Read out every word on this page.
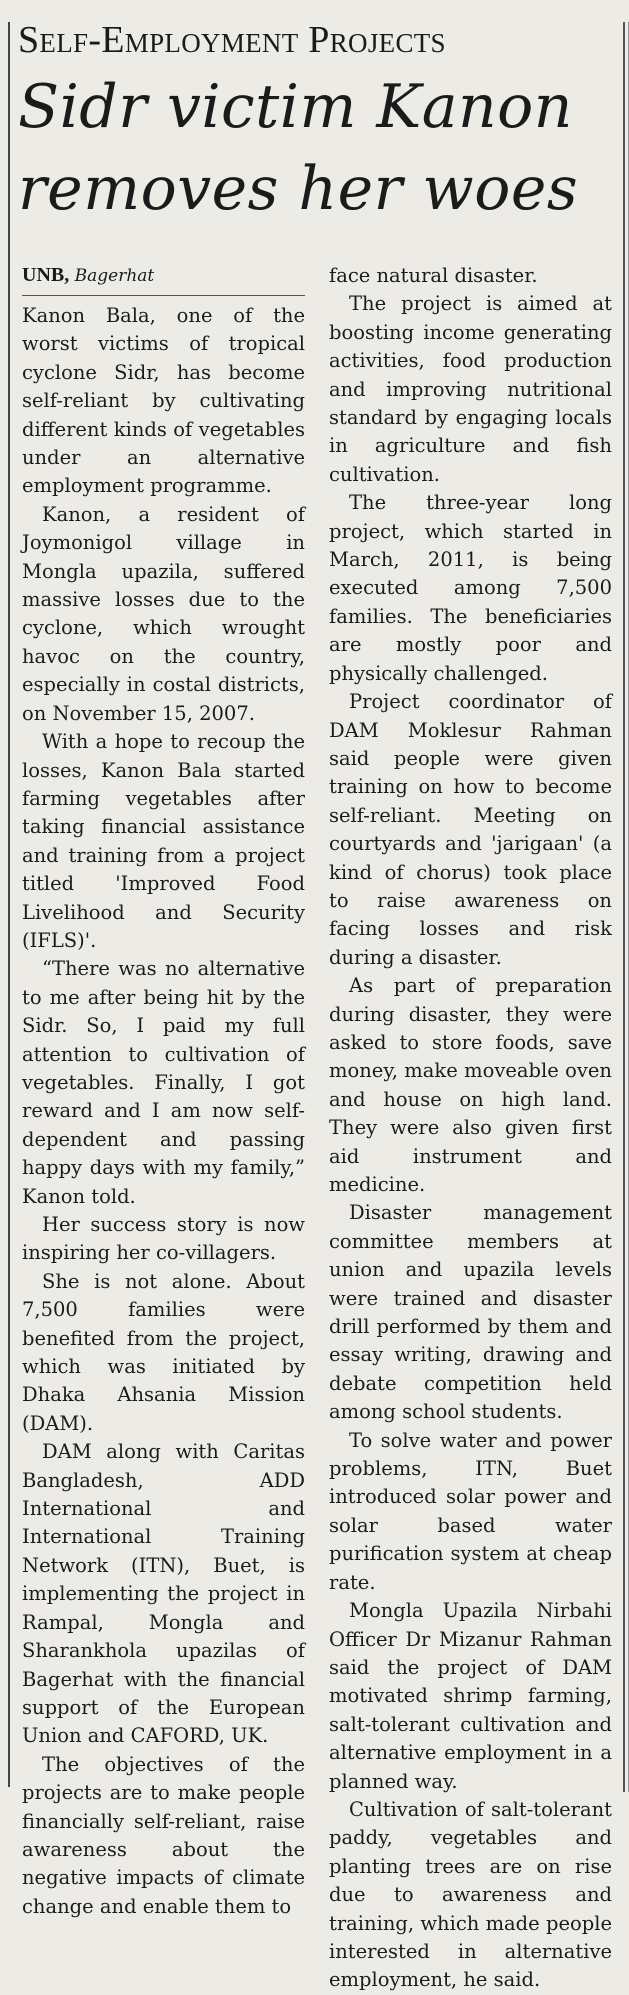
Self-Employment Projects
Sidr victim Kanon
removes her woes
UNB, Bagerhat

Kanon Bala, one of the worst victims of tropical cyclone Sidr, has become self-reliant by cultivating different kinds of vegetables under an alternative employment programme.

Kanon, a resident of Joymonigol village in Mongla upazila, suffered massive losses due to the cyclone, which wrought havoc on the country, especially in costal districts, on November 15, 2007.

With a hope to recoup the losses, Kanon Bala started farming vegetables after taking financial assistance and training from a project titled 'Improved Food Livelihood and Security (IFLS)'.

“There was no alternative to me after being hit by the Sidr. So, I paid my full attention to cultivation of vegetables. Finally, I got reward and I am now self-dependent and passing happy days with my family,” Kanon told.

Her success story is now inspiring her co-villagers.

She is not alone. About 7,500 families were benefited from the project, which was initiated by Dhaka Ahsania Mission (DAM).

DAM along with Caritas Bangladesh, ADD International and International Training Network (ITN), Buet, is implementing the project in Rampal, Mongla and Sharankhola upazilas of Bagerhat with the financial support of the European Union and CAFORD, UK.

The objectives of the projects are to make people financially self-reliant, raise awareness about the negative impacts of climate change and enable them to

face natural disaster.

The project is aimed at boosting income generating activities, food production and improving nutritional standard by engaging locals in agriculture and fish cultivation.

The three-year long project, which started in March, 2011, is being executed among 7,500 families. The beneficiaries are mostly poor and physically challenged.

Project coordinator of DAM Moklesur Rahman said people were given training on how to become self-reliant. Meeting on courtyards and 'jarigaan' (a kind of chorus) took place to raise awareness on facing losses and risk during a disaster.

As part of preparation during disaster, they were asked to store foods, save money, make moveable oven and house on high land. They were also given first aid instrument and medicine.

Disaster management committee members at union and upazila levels were trained and disaster drill performed by them and essay writing, drawing and debate competition held among school students.

To solve water and power problems, ITN, Buet introduced solar power and solar based water purification system at cheap rate.

Mongla Upazila Nirbahi Officer Dr Mizanur Rahman said the project of DAM motivated shrimp farming, salt-tolerant cultivation and alternative employment in a planned way.

Cultivation of salt-tolerant paddy, vegetables and planting trees are on rise due to awareness and training, which made people interested in alternative employment, he said.
